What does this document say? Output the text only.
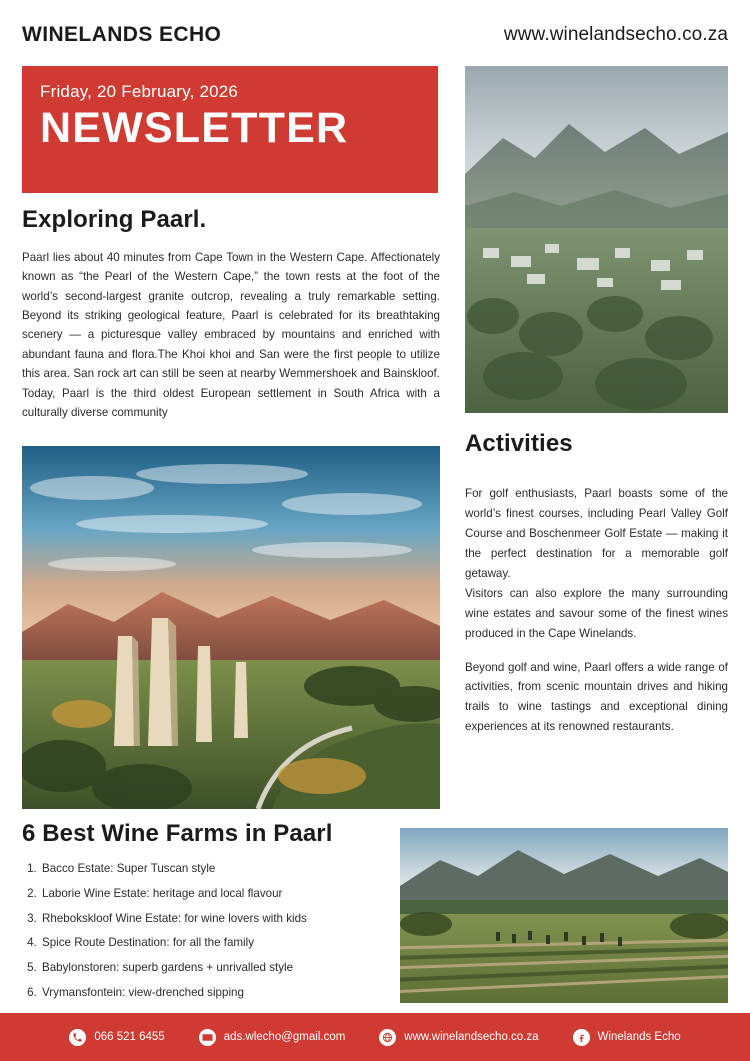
WINELANDS ECHO	www.winelandsecho.co.za
Friday, 20 February, 2026
NEWSLETTER
Exploring Paarl.
Paarl lies about 40 minutes from Cape Town in the Western Cape. Affectionately known as “the Pearl of the Western Cape,” the town rests at the foot of the world’s second-largest granite outcrop, revealing a truly remarkable setting. Beyond its striking geological feature, Paarl is celebrated for its breathtaking scenery — a picturesque valley embraced by mountains and enriched with abundant fauna and flora.The Khoi khoi and San were the first people to utilize this area. San rock art can still be seen at nearby Wemmershoek and Bainskloof. Today, Paarl is the third oldest European settlement in South Africa with a culturally diverse community
Activities

For golf enthusiasts, Paarl boasts some of the world’s finest courses, including Pearl Valley Golf Course and Boschenmeer Golf Estate — making it the perfect destination for a memorable golf getaway.

Visitors can also explore the many surrounding wine estates and savour some of the finest wines produced in the Cape Winelands.

Beyond golf and wine, Paarl offers a wide range of activities, from scenic mountain drives and hiking trails to wine tastings and exceptional dining experiences at its renowned restaurants.

6 Best Wine Farms in Paarl
1. Bacco Estate: Super Tuscan style
2. Laborie Wine Estate: heritage and local flavour
3. Rhebokskloof Wine Estate: for wine lovers with kids
4. Spice Route Destination: for all the family
5. Babylonstoren: superb gardens + unrivalled style
6. Vrymansfontein: view-drenched sipping
066 521 6455	ads.wlecho@gmail.com	www.winelandsecho.co.za	Winelands Echo
